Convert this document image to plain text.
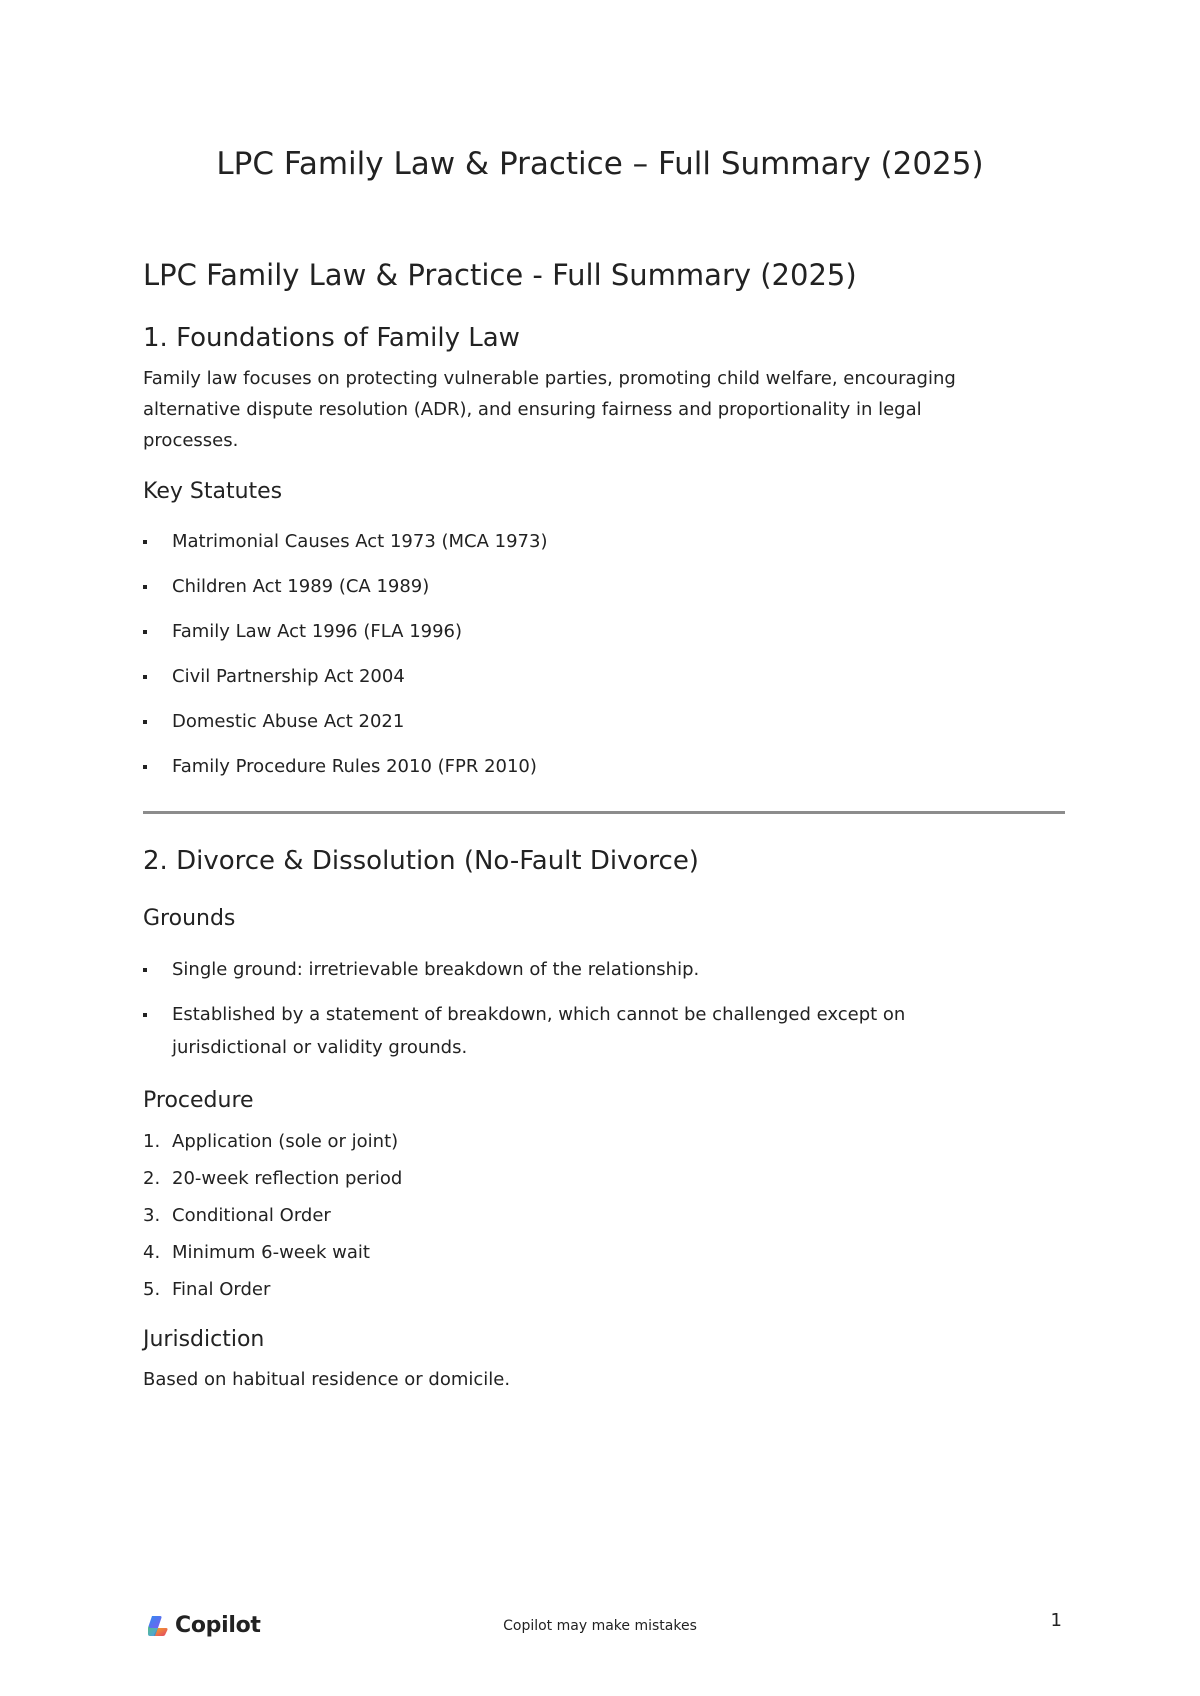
LPC Family Law & Practice – Full Summary (2025)
LPC Family Law & Practice - Full Summary (2025)
1. Foundations of Family Law

Family law focuses on protecting vulnerable parties, promoting child welfare, encouraging

alternative dispute resolution (ADR), and ensuring fairness and proportionality in legal

processes.

Key Statutes
Matrimonial Causes Act 1973 (MCA 1973)
Children Act 1989 (CA 1989)
Family Law Act 1996 (FLA 1996)
Civil Partnership Act 2004
Domestic Abuse Act 2021
Family Procedure Rules 2010 (FPR 2010)
2. Divorce & Dissolution (No-Fault Divorce)
Grounds
Single ground: irretrievable breakdown of the relationship.
Established by a statement of breakdown, which cannot be challenged except on
jurisdictional or validity grounds.
Procedure
1. Application (sole or joint)
2. 20-week reflection period
3. Conditional Order
4. Minimum 6-week wait
5. Final Order
Jurisdiction

Based on habitual residence or domicile.

Copilot	Copilot may make mistakes	1
